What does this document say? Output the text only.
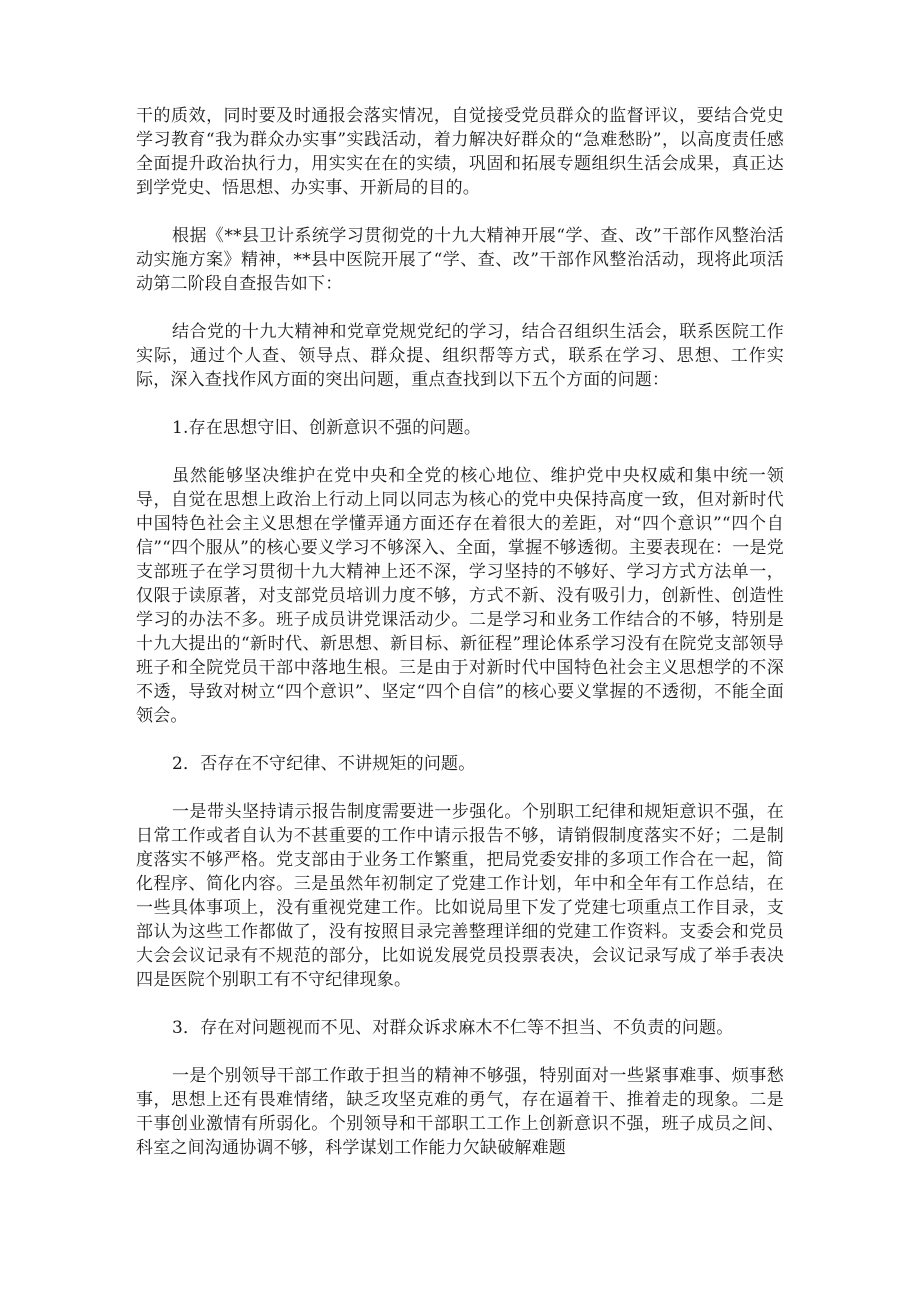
干的质效，同时要及时通报会落实情况，自觉接受党员群众的监督评议，要结合党史学习教育“我为群众办实事”实践活动，着力解决好群众的“急难愁盼”，以高度责任感全面提升政治执行力，用实实在在的实绩，巩固和拓展专题组织生活会成果，真正达到学党史、悟思想、办实事、开新局的目的。

根据《**县卫计系统学习贯彻党的十九大精神开展“学、查、改”干部作风整治活动实施方案》精神，**县中医院开展了“学、查、改”干部作风整治活动，现将此项活动第二阶段自查报告如下：

结合党的十九大精神和党章党规党纪的学习，结合召组织生活会，联系医院工作实际，通过个人查、领导点、群众提、组织帮等方式，联系在学习、思想、工作实际，深入查找作风方面的突出问题，重点查找到以下五个方面的问题：

1.存在思想守旧、创新意识不强的问题。

虽然能够坚决维护在党中央和全党的核心地位、维护党中央权威和集中统一领导，自觉在思想上政治上行动上同以同志为核心的党中央保持高度一致，但对新时代中国特色社会主义思想在学懂弄通方面还存在着很大的差距，对“四个意识”“四个自信”“四个服从”的核心要义学习不够深入、全面，掌握不够透彻。主要表现在：一是党支部班子在学习贯彻十九大精神上还不深，学习坚持的不够好、学习方式方法单一，仅限于读原著，对支部党员培训力度不够，方式不新、没有吸引力，创新性、创造性学习的办法不多。班子成员讲党课活动少。二是学习和业务工作结合的不够，特别是十九大提出的“新时代、新思想、新目标、新征程”理论体系学习没有在院党支部领导班子和全院党员干部中落地生根。三是由于对新时代中国特色社会主义思想学的不深不透，导致对树立“四个意识”、坚定“四个自信”的核心要义掌握的不透彻，不能全面领会。

2．否存在不守纪律、不讲规矩的问题。

一是带头坚持请示报告制度需要进一步强化。个别职工纪律和规矩意识不强，在日常工作或者自认为不甚重要的工作中请示报告不够，请销假制度落实不好；二是制度落实不够严格。党支部由于业务工作繁重，把局党委安排的多项工作合在一起，简化程序、简化内容。三是虽然年初制定了党建工作计划，年中和全年有工作总结，在一些具体事项上，没有重视党建工作。比如说局里下发了党建七项重点工作目录，支部认为这些工作都做了，没有按照目录完善整理详细的党建工作资料。支委会和党员大会会议记录有不规范的部分，比如说发展党员投票表决，会议记录写成了举手表决四是医院个别职工有不守纪律现象。

3．存在对问题视而不见、对群众诉求麻木不仁等不担当、不负责的问题。

一是个别领导干部工作敢于担当的精神不够强，特别面对一些紧事难事、烦事愁事，思想上还有畏难情绪，缺乏攻坚克难的勇气，存在逼着干、推着走的现象。二是干事创业激情有所弱化。个别领导和干部职工工作上创新意识不强，班子成员之间、科室之间沟通协调不够，科学谋划工作能力欠缺破解难题
